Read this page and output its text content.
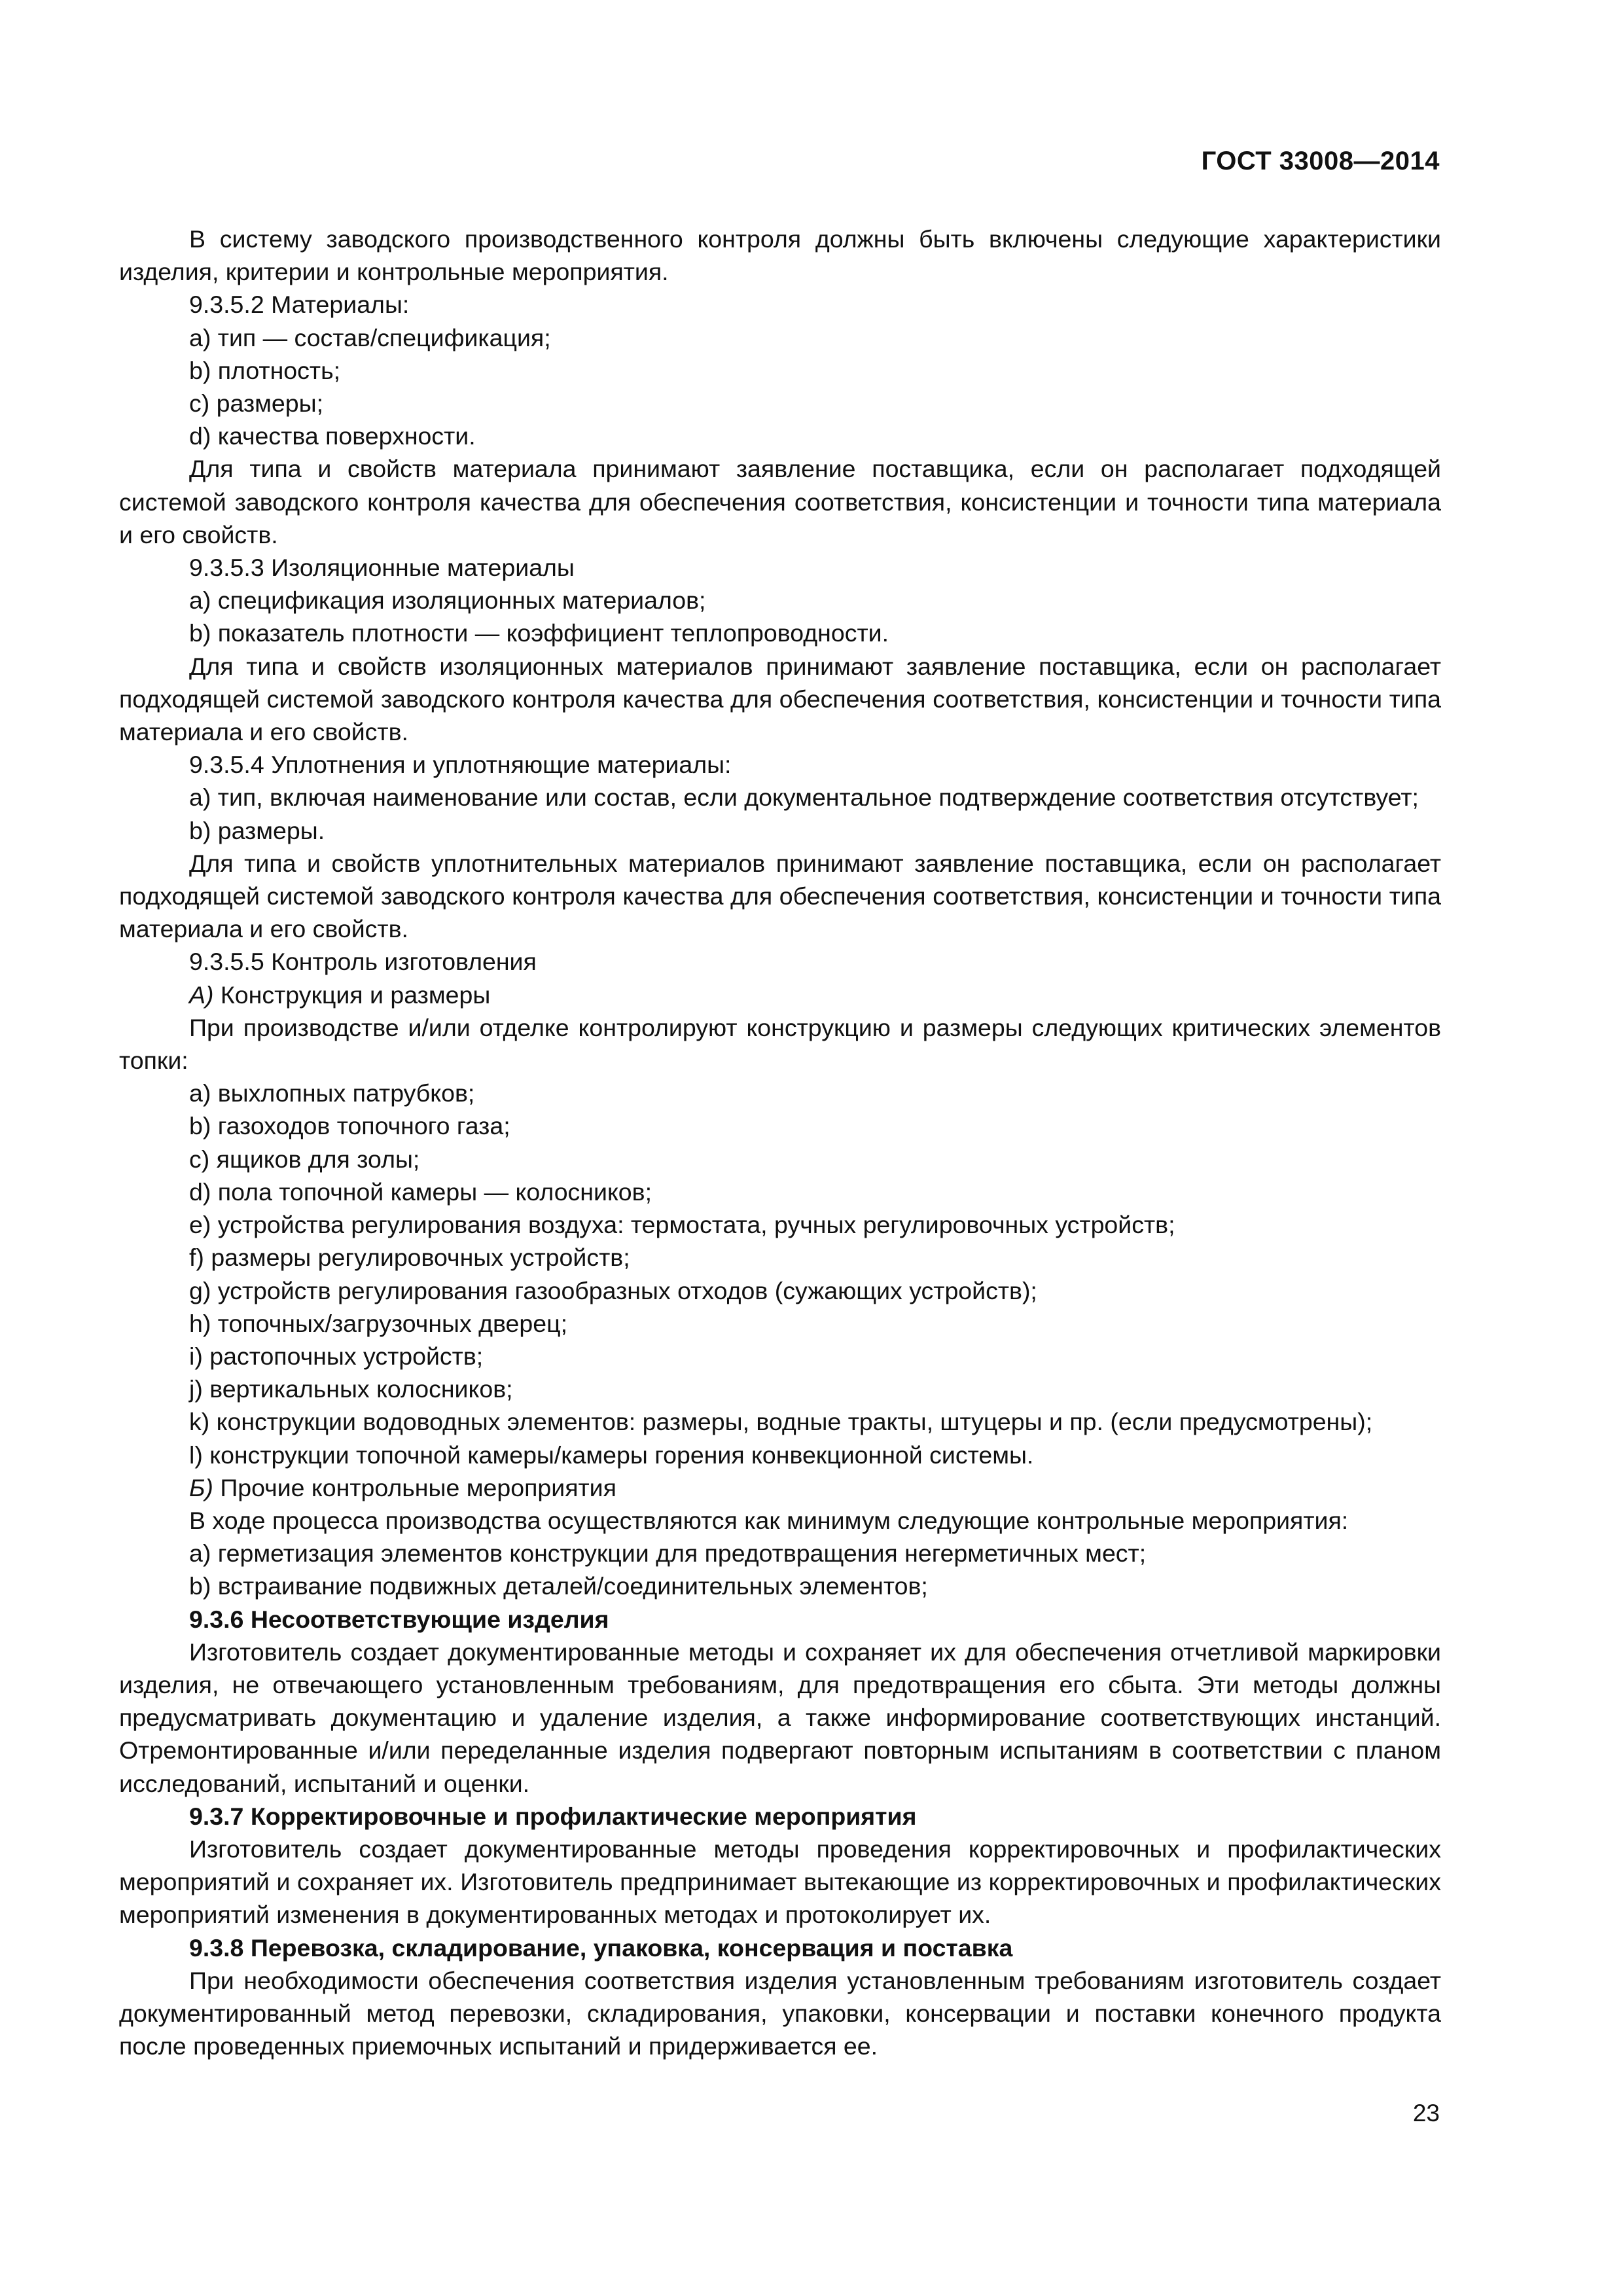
ГОСТ 33008—2014

В систему заводского производственного контроля должны быть включены следующие характеристики изделия, критерии и контрольные мероприятия.

9.3.5.2 Материалы:

a) тип — состав/спецификация;

b) плотность;

c) размеры;

d) качества поверхности.

Для типа и свойств материала принимают заявление поставщика, если он располагает подходящей системой заводского контроля качества для обеспечения соответствия, консистенции и точности типа материала и его свойств.

9.3.5.3 Изоляционные материалы

a) спецификация изоляционных материалов;

b) показатель плотности — коэффициент теплопроводности.

Для типа и свойств изоляционных материалов принимают заявление поставщика, если он располагает подходящей системой заводского контроля качества для обеспечения соответствия, консистенции и точности типа материала и его свойств.

9.3.5.4 Уплотнения и уплотняющие материалы:

a) тип, включая наименование или состав, если документальное подтверждение соответствия отсутствует;

b) размеры.

Для типа и свойств уплотнительных материалов принимают заявление поставщика, если он располагает подходящей системой заводского контроля качества для обеспечения соответствия, консистенции и точности типа материала и его свойств.

9.3.5.5 Контроль изготовления

А) Конструкция и размеры

При производстве и/или отделке контролируют конструкцию и размеры следующих критических элементов топки:

a) выхлопных патрубков;

b) газоходов топочного газа;

c) ящиков для золы;

d) пола топочной камеры — колосников;

e) устройства регулирования воздуха: термостата, ручных регулировочных устройств;

f) размеры регулировочных устройств;

g) устройств регулирования газообразных отходов (сужающих устройств);

h) топочных/загрузочных дверец;

i) растопочных устройств;

j) вертикальных колосников;

k) конструкции водоводных элементов: размеры, водные тракты, штуцеры и пр. (если предусмотрены);

l) конструкции топочной камеры/камеры горения конвекционной системы.

Б) Прочие контрольные мероприятия

В ходе процесса производства осуществляются как минимум следующие контрольные мероприятия:

a) герметизация элементов конструкции для предотвращения негерметичных мест;

b) встраивание подвижных деталей/соединительных элементов;

9.3.6 Несоответствующие изделия

Изготовитель создает документированные методы и сохраняет их для обеспечения отчетливой маркировки изделия, не отвечающего установленным требованиям, для предотвращения его сбыта. Эти методы должны предусматривать документацию и удаление изделия, а также информирование соответствующих инстанций. Отремонтированные и/или переделанные изделия подвергают повторным испытаниям в соответствии с планом исследований, испытаний и оценки.

9.3.7 Корректировочные и профилактические мероприятия

Изготовитель создает документированные методы проведения корректировочных и профилактических мероприятий и сохраняет их. Изготовитель предпринимает вытекающие из корректировочных и профилактических мероприятий изменения в документированных методах и протоколирует их.

9.3.8 Перевозка, складирование, упаковка, консервация и поставка

При необходимости обеспечения соответствия изделия установленным требованиям изготовитель создает документированный метод перевозки, складирования, упаковки, консервации и поставки конечного продукта после проведенных приемочных испытаний и придерживается ее.

23
